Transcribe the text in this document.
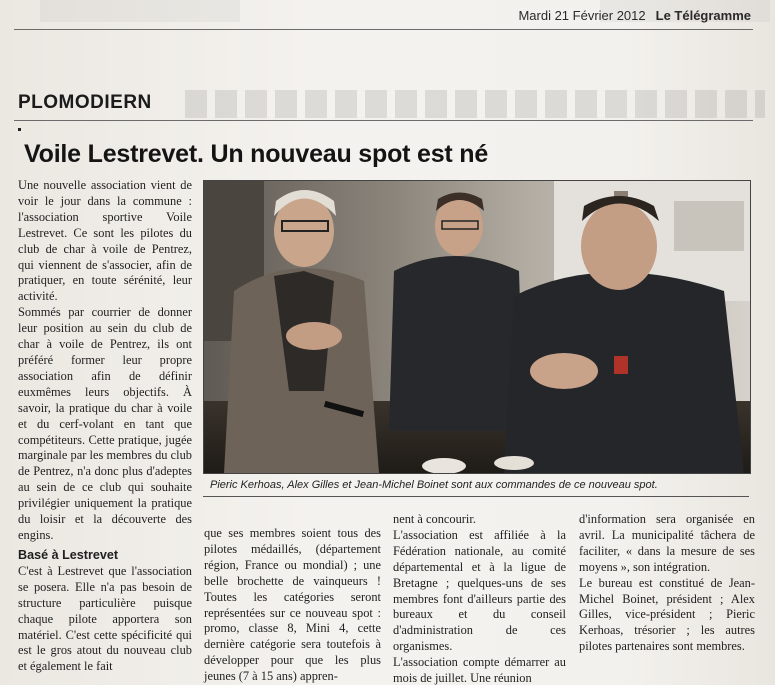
Mardi 21 Février 2012 Le Télégramme
PLOMODIERN
Voile Lestrevet. Un nouveau spot est né

Une nouvelle association vient de voir le jour dans la commune : l'association sportive Voile Lestrevet. Ce sont les pilotes du club de char à voile de Pentrez, qui viennent de s'associer, afin de pratiquer, en toute sérénité, leur activité.

Sommés par courrier de donner leur position au sein du club de char à voile de Pentrez, ils ont préféré former leur propre association afin de définir euxmêmes leurs objectifs. À savoir, la pratique du char à voile et du cerf-volant en tant que compétiteurs. Cette pratique, jugée marginale par les membres du club de Pentrez, n'a donc plus d'adeptes au sein de ce club qui souhaite privilégier uniquement la pratique du loisir et la découverte des engins.

Basé à Lestrevet

C'est à Lestrevet que l'association se posera. Elle n'a pas besoin de structure particulière puisque chaque pilote apportera son matériel. C'est cette spécificité qui est le gros atout du nouveau club et également le fait

Pieric Kerhoas, Alex Gilles et Jean-Michel Boinet sont aux commandes de ce nouveau spot.

que ses membres soient tous des pilotes médaillés, (département région, France ou mondial) ; une belle brochette de vainqueurs ! Toutes les catégories seront représentées sur ce nouveau spot : promo, classe 8, Mini 4, cette dernière catégorie sera toutefois à développer pour que les plus jeunes (7 à 15 ans) appren-

nent à concourir.

L'association est affiliée à la Fédération nationale, au comité départemental et à la ligue de Bretagne ; quelques-uns de ses membres font d'ailleurs partie des bureaux et du conseil d'administration de ces organismes.

L'association compte démarrer au mois de juillet. Une réunion

d'information sera organisée en avril. La municipalité tâchera de faciliter, « dans la mesure de ses moyens », son intégration.

Le bureau est constitué de Jean-Michel Boinet, président ; Alex Gilles, vice-président ; Pieric Kerhoas, trésorier ; les autres pilotes partenaires sont membres.
